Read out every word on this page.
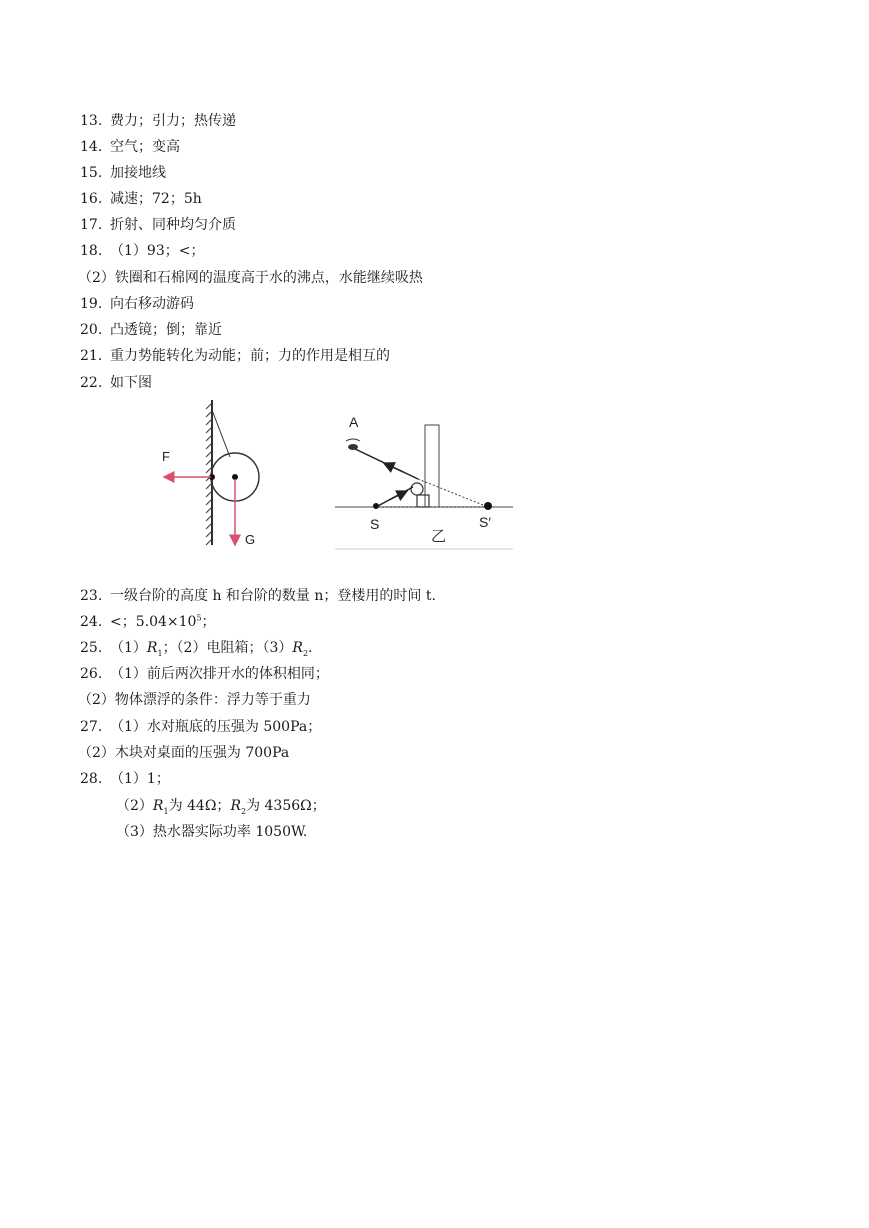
13. 费力；引力；热传递
14. 空气；变高
15. 加接地线
16. 减速；72；5h
17. 折射、同种均匀介质
18. （1）93；<；
（2）铁圈和石棉网的温度高于水的沸点，水能继续吸热
19. 向右移动游码
20. 凸透镜；倒；靠近
21. 重力势能转化为动能；前；力的作用是相互的
22. 如下图
F
G
A
S	S′
乙
23. 一级台阶的高度 h 和台阶的数量 n；登楼用的时间 t.
24. <；$5.04\times 10^5$；
25. $(1)R_1$；（2）电阻箱；$(3)R_2$.
26. （1）前后两次排开水的体积相同；
（2）物体漂浮的条件：浮力等于重力
27. （1）水对瓶底的压强为 500Pa；
（2）木块对桌面的压强为 700Pa
28. （1）1；
$(2)R_1$为 44Ω；$R_2$为 4356Ω；
（3）热水器实际功率 1050W.
